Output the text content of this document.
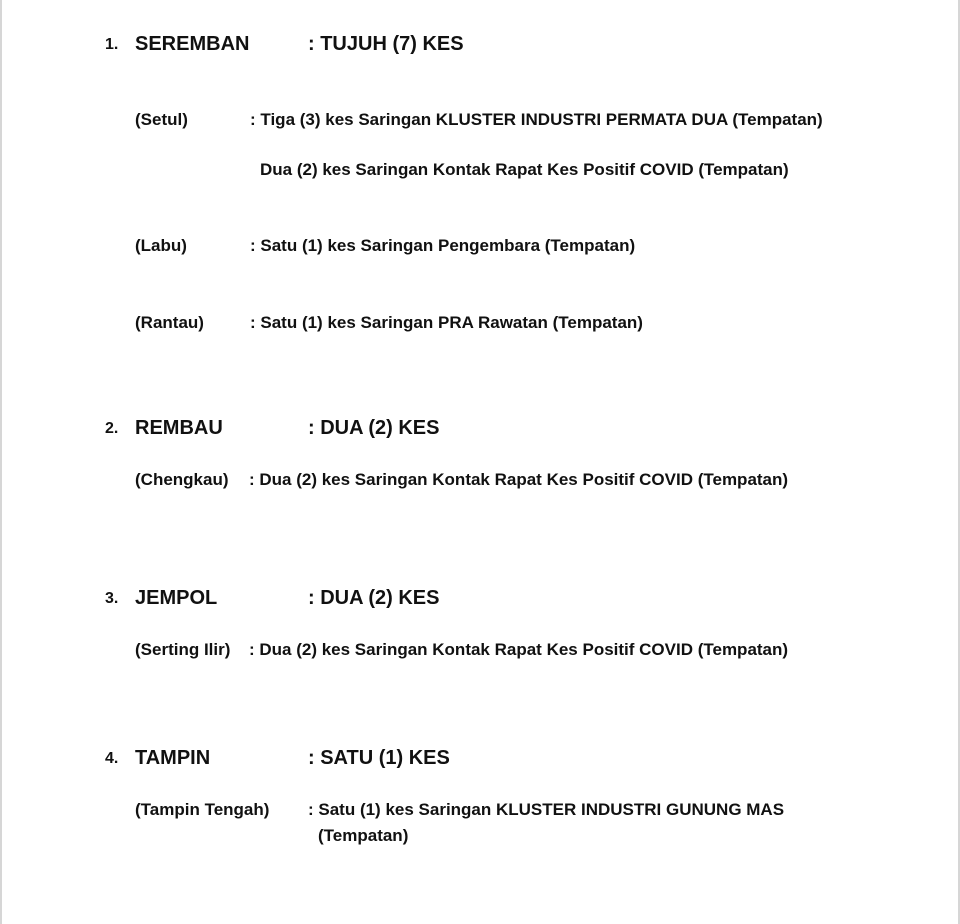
1. SEREMBAN	: TUJUH (7) KES
(Setul)	: Tiga (3) kes Saringan KLUSTER INDUSTRI PERMATA DUA (Tempatan)
Dua (2) kes Saringan Kontak Rapat Kes Positif COVID (Tempatan)
(Labu)	: Satu (1) kes Saringan Pengembara (Tempatan)
(Rantau)	: Satu (1) kes Saringan PRA Rawatan (Tempatan)
2. REMBAU	: DUA (2) KES
(Chengkau) : Dua (2) kes Saringan Kontak Rapat Kes Positif COVID (Tempatan)
3. JEMPOL	: DUA (2) KES
(Serting Ilir) : Dua (2) kes Saringan Kontak Rapat Kes Positif COVID (Tempatan)
4. TAMPIN	: SATU (1) KES
(Tampin Tengah) : Satu (1) kes Saringan KLUSTER INDUSTRI GUNUNG MAS
(Tempatan)
